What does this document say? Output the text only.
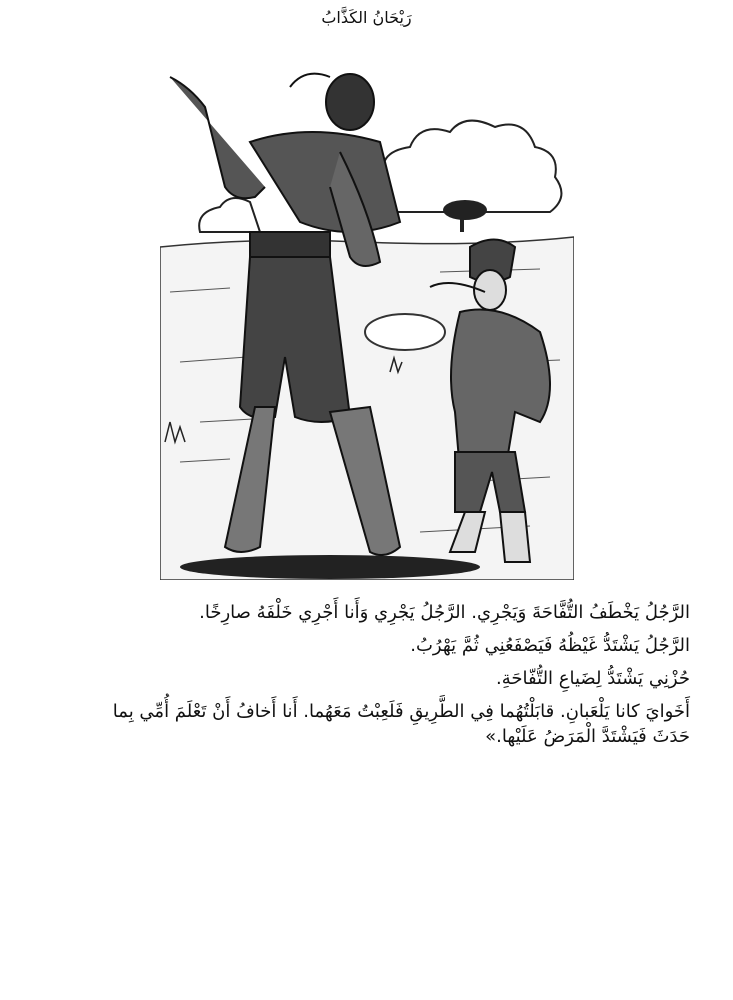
رَيْحَانُ الكَذَّابُ

الرَّجُلُ يَخْطَفُ التُّفَّاحَةَ وَيَجْرِي. الرَّجُلُ يَجْرِي وَأَنا أَجْرِي خَلْفَهُ صارِخًا.

الرَّجُلُ يَشْتَدُّ غَيْظُهُ فَيَصْفَعُنِي ثُمَّ يَهْرُبُ.

حُزْنِي يَشْتَدُّ لِضَياعِ التُّفّاحَةِ.

أَخَوايَ كانا يَلْعَبانِ. قابَلْتُهُما فِي الطَّرِيقِ فَلَعِبْتُ مَعَهُما. أَنا أَخافُ أَنْ تَعْلَمَ أُمِّي بِما حَدَثَ فَيَشْتَدَّ الْمَرَضُ عَلَيْها.»
